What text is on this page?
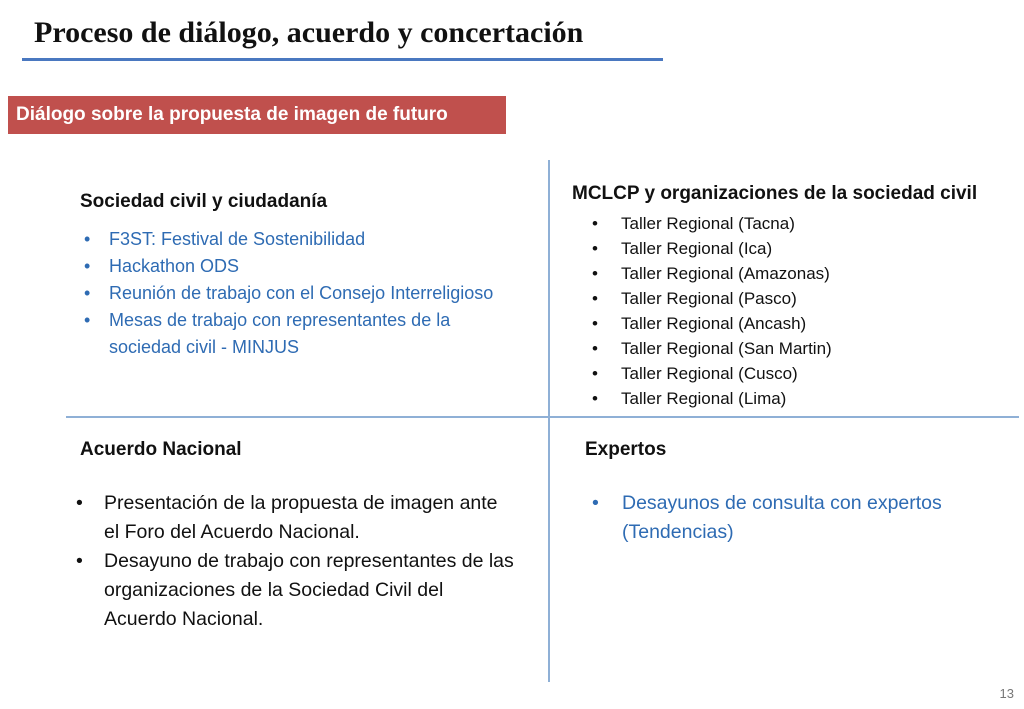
Proceso de diálogo, acuerdo y concertación
Diálogo sobre la propuesta de imagen de futuro
Sociedad civil y ciudadanía
• F3ST: Festival de Sostenibilidad
• Hackathon ODS
• Reunión de trabajo con el Consejo Interreligioso
• Mesas de trabajo con representantes de la sociedad civil - MINJUS
MCLCP y organizaciones de la sociedad civil
• Taller Regional (Tacna)
• Taller Regional (Ica)
• Taller Regional (Amazonas)
• Taller Regional (Pasco)
• Taller Regional (Ancash)
• Taller Regional (San Martin)
• Taller Regional (Cusco)
• Taller Regional (Lima)
Acuerdo Nacional
• Presentación de la propuesta de imagen ante el Foro del Acuerdo Nacional.
• Desayuno de trabajo con representantes de las organizaciones de la Sociedad Civil del Acuerdo Nacional.
Expertos
• Desayunos de consulta con expertos (Tendencias)
13
